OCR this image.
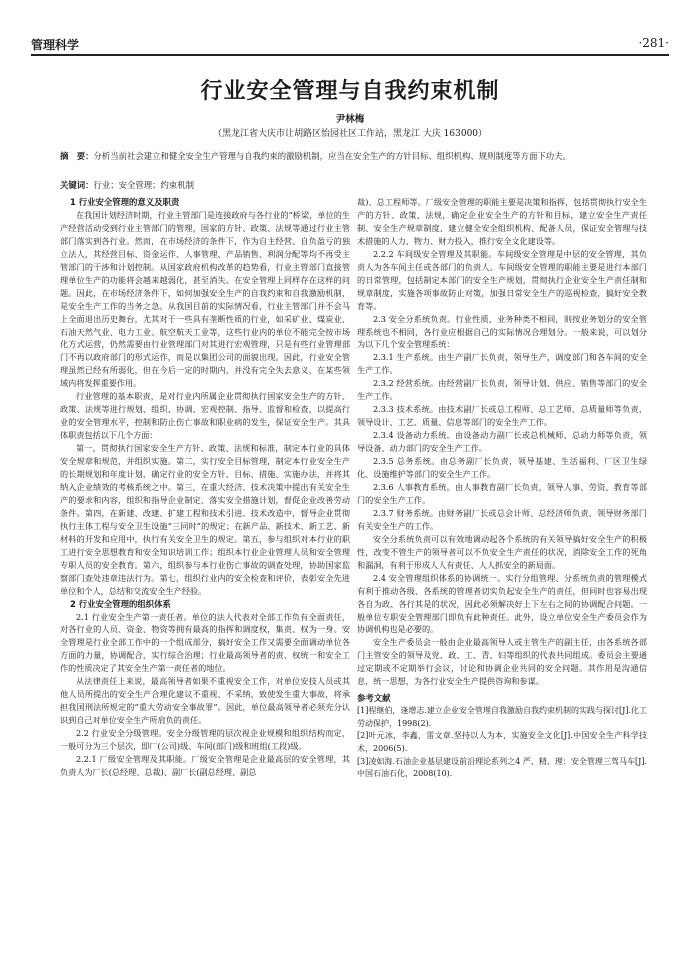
管理科学	·281·
行业安全管理与自我约束机制
尹林梅
（黑龙江省大庆市让胡路区怡园社区工作站，黑龙江 大庆 163000）
摘　要：分析当前社会建立和健全安全生产管理与自我约束的激励机制，应当在安全生产的方针目标、组织机构、规则制度等方面下功夫。
关键词：行业；安全管理；约束机制
1 行业安全管理的意义及职责

在我国计划经济时期，行业主管部门是连接政府与各行业的“桥梁，单位的生产经营活动受到行业主管部门的管理，国家的方针、政策、法规等通过行业主管部门落实到各行业。然而，在市场经济的条件下，作为自主经营、自负盈亏的独立法人，其经营目标、资金运作、人事管理、产品销售、利润分配等均不再受主管部门的干涉和计划控制。从国家政府机构改革的趋势看，行业主管部门直接管理单位生产的功能将会越来越弱化，甚至消失。在安全管理上同样存在这样的问题。因此，在市场经济条件下，如何加强安全生产的自我约束和自我激励机制，是安全生产工作的当务之急。从我国目前的实际情况看，行业主管部门并不会马上全面退出历史舞台，尤其对于一些具有垄断性质的行业，如采矿业、煤炭业、石油天然气业、电力工业、航空航天工业等，这些行业内的单位不能完全按市场化方式运营，仍然需要由行业管理部门对其进行宏观管理，只是有些行业管理部门不再以政府部门的形式运作，而是以集团公司的面貌出现。因此，行业安全管理虽然已经有所弱化，但在今后一定的时期内，并没有完全失去意义，在某些领域内将发挥重要作用。

行业管理的基本职责，是对行业内所属企业贯彻执行国家安全生产的方针、政策、法规等进行规划、组织、协调、宏观控制、指导、监督和检查，以提高行业的安全管理水平，控制和防止伤亡事故和职业病的发生，保证安全生产。其具体职责包括以下几个方面：

第一，贯彻执行国家安全生产方针、政策、法规和标准，制定本行业的具体安全规章和规范，并组织实施。第二，实行安全目标管理，制定本行业安全生产的长期规划和年度计划，确定行业的安全方针、目标、措施、实施办法，并将其纳入企业绩效的考核系统之中。第三，在重大经济、技术决策中提出有关安全生产的要求和内容，组织和指导企业制定、落实安全措施计划，督促企业改善劳动条件。第四，在新建、改建、扩建工程和技术引进、技术改造中，督导企业贯彻执行主体工程与安全卫生设施“三同时”的规定；在新产品、新技术、新工艺、新材料的开发和应用中，执行有关安全卫生的规定。第五，参与组织对本行业的职工进行安全思想教育和安全知识培训工作；组织本行业企业管理人员和安全管理专职人员的安全教育。第六，组织参与本行业伤亡事故的调查处理，协助国家监察部门查处违章违法行为。第七，组织行业内的安全检查和评价，表彰安全先进单位和个人，总结和交流安全生产经验。

2 行业安全管理的组织体系

2.1 行业安全生产第一责任者。单位的法人代表对全部工作负有全面责任，对各行业的人员、资金、物资等拥有最高的指挥和调度权，集责、权为一身。安全管理是行业全部工作中的一个组成部分，搞好安全工作又需要全面调动单位各方面的力量，协调配合，实行综合治理；行业最高领导者的责、权统一和安全工作的性质决定了其安全生产第一责任者的地位。

从法律责任上来说，最高领导者如果不重视安全工作，对单位安技人员或其他人员所提出的安全生产合理化建议不重视、不采纳，致使发生重大事故，将承担我国刑法所规定的“重大劳动安全事故罪”。因此，单位最高领导者必须充分认识到自己对单位安全生产所肩负的责任。

2.2 行业安全分级管理。安全分级管理的层次视企业规模和组织结构而定，一般可分为三个层次，即厂(公司)级、车间(部门)级和班组(工段)级。

2.2.1 厂级安全管理及其职能。厂级安全管理是企业最高层的安全管理，其负责人为厂长(总经理、总裁)、副厂长(副总经理、副总

裁)、总工程师等。厂级安全管理的职能主要是决策和指挥，包括贯彻执行安全生产的方针、政策、法规，确定企业安全生产的方针和目标，建立安全生产责任制、安全生产规章制度、建立健全安全组织机构、配备人员，保证安全管理与技术措施的人力、物力、财力投入，推行安全文化建设等。

2.2.2 车间级安全管理及其职能。车间级安全管理是中层的安全管理，其负责人为各车间主任或各部门的负责人。车间级安全管理的职能主要是进行本部门的日常管理，包括制定本部门的安全生产规划，贯彻执行企业安全生产责任制和规章制度，实施各项事故防止对策，加强日常安全生产的巡视检查，搞好安全教育等。

2.3 安全分系统负责。行业性质、业务种类不相同，则按业务划分的安全管理系统也不相同，各行业应根据自己的实际情况合理划分。一般来说，可以划分为以下几个安全管理系统：

2.3.1 生产系统。由生产副厂长负责，领导生产，调度部门和各车间的安全生产工作。

2.3.2 经营系统。由经营副厂长负责，领导计划、供应、销售等部门的安全生产工作。

2.3.3 技术系统。由技术副厂长或总工程师、总工艺师、总质量师等负责，领导设计、工艺、质量、信息等部门的安全生产工作。

2.3.4 设备动力系统。由设备动力副厂长或总机械师、总动力师等负责，领导设备、动力部门的安全生产工作。

2.3.5 总务系统。由总务副厂长负责，领导基建、生活福利、厂区卫生绿化、设施维护等部门的安全生产工作。

2.3.6 人事教育系统。由人事教育副厂长负责，领导人事、劳资、教育等部门的安全生产工作。

2.3.7 财务系统。由财务副厂长或总会计师、总经济师负责，领导财务部门有关安全生产的工作。

安全分系统负责可以有效地调动起各个系统的有关领导搞好安全生产的积极性，改变不管生产的领导者可以不负安全生产责任的状况，消除安全工作的死角和漏洞，有利于形成人人有责任、人人抓安全的新局面。

2.4 安全管理组织体系的协调统一。实行分组管理、分系统负责的管理模式有利于推动各级、各系统的管理者切实负起安全生产的责任，但同时也容易出现各自为政、各行其是的状况，因此必须解决好上下左右之间的协调配合问题。一般单位专职安全管理部门即负有此种责任。此外，设立单位安全生产委员会作为协调机构也是必要的。

安全生产委员会一般由企业最高领导人或主管生产的副主任，由各系统各部门主管安全的领导及党、政、工、青、妇等组织的代表共同组成。委员会主要通过定期或不定期举行会议，讨论和协调企业共同的安全问题。其作用是沟通信息，统一思想，为各行业安全生产提供咨询和参谋。

参考文献

[1]程继伯，逢增志.建立企业安全管理自我激励自我约束机制的实践与探讨[J].化工劳动保护，1998(2).

[2]叶元冰，李鑫，雷文章.坚持以人为本，实施安全文化[J].中国安全生产科学技术，2006(5).

[3]凌如海.石油企业基层建设前沿理论系列之4 严、精、理：安全管理三驾马车[J].中国石油石化，2008(10).
